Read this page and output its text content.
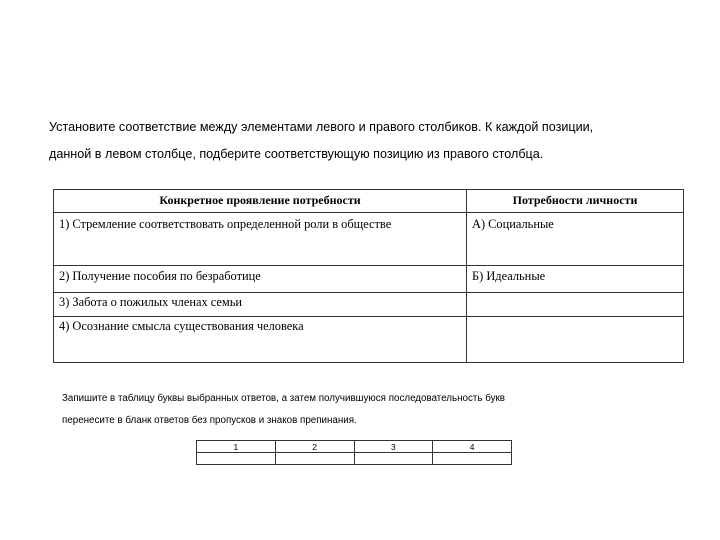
Установите соответствие между элементами левого и правого столбиков. К каждой позиции,

данной в левом столбце, подберите соответствующую позицию из правого столбца.

Конкретное проявление потребности	Потребности личности
1) Стремление соответствовать определенной роли в обществе	А) Социальные
2) Получение пособия по безработице	Б) Идеальные
3) Забота о пожилых членах семьи	
4) Осознание смысла существования человека	

Запишите в таблицу буквы выбранных ответов, а затем получившуюся последовательность букв

перенесите в бланк ответов без пропусков и знаков препинания.

1	2	3	4
